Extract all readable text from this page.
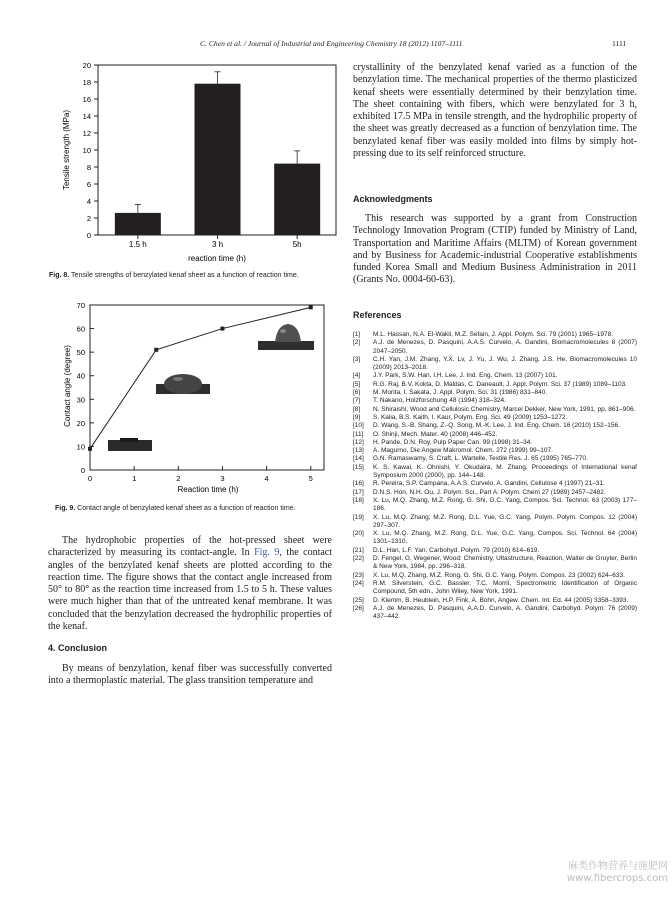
C. Chen et al. / Journal of Industrial and Engineering Chemistry 18 (2012) 1107–1111	1111
0
2
4
6
8
10
12
14
16
18
20
1.5 h	3 h	5h
Tensile strength (MPa)
reaction time (h)
Fig. 8. Tensile strengths of benzylated kenaf sheet as a function of reaction time.
0
10
20
30
40
50
60
70
0	1	2	3	4	5
Contact angle (degree)
Reaction time (h)
Fig. 9. Contact angle of benzylated kenaf sheet as a function of reaction time.

The hydrophobic properties of the hot-pressed sheet were characterized by measuring its contact-angle. In Fig. 9, the contact angles of the benzylated kenaf sheets are plotted according to the reaction time. The figure shows that the contact angle increased from 50° to 80° as the reaction time increased from 1.5 to 5 h. These values were much higher than that of the untreated kenaf membrane. It was concluded that the benzylation decreased the hydrophilic properties of the kenaf.

4. Conclusion

By means of benzylation, kenaf fiber was successfully converted into a thermoplastic material. The glass transition temperature and

crystallinity of the benzylated kenaf varied as a function of the benzylation time. The mechanical properties of the thermo plasticized kenaf sheets were essentially determined by their benzylation time. The sheet containing with fibers, which were benzylated for 3 h, exhibited 17.5 MPa in tensile strength, and the hydrophilic property of the sheet was greatly decreased as a function of benzylation time. The benzylated kenaf fiber was easily molded into films by simply hot-pressing due to its self reinforced structure.

Acknowledgments

This research was supported by a grant from Construction Technology Innovation Program (CTIP) funded by Ministry of Land, Transportation and Maritime Affairs (MLTM) of Korean government and by Business for Academic-industrial Cooperative establishments funded Korea Small and Medium Business Administration in 2011 (Grants No. 0004-60-63).

References
[1]	M.L. Hassan, N.A. El-Wakil, M.Z. Sefain, J. Appl. Polym. Sci. 79 (2001) 1965–1978.
[2]	A.J. de Menezes, D. Pasquini, A.A.S. Curvelo, A. Gandini, Biomacromolecules 8 (2007) 2047–2050.
[3]	C.H. Yan, J.M. Zhang, Y.X. Lv, J. Yu, J. Wu, J. Zhang, J.S. He, Biomacromolecules 10 (2009) 2013–2018.
[4]	J.Y. Park, S.W. Han, I.H. Lee, J. Ind. Eng. Chem. 13 (2007) 101.
[5]	R.G. Raj, B.V. Kokta, D. Maldas, C. Daneault, J. Appl. Polym. Sci. 37 (1989) 1089–1103.
[6]	M. Morita, I. Sakata, J. Appl. Polym. Sci. 31 (1986) 831–840.
[7]	T. Nakano, Holzforschung 48 (1994) 318–324.
[8]	N. Shiraishi, Wood and Cellulosic Chemistry, Marcel Dekker, New York, 1991, pp. 861–906.
[9]	S. Kalia, B.S. Kaith, I. Kaur, Polym. Eng. Sci. 49 (2009) 1253–1272.
[10]	D. Wang, S.-B. Shang, Z.-Q. Song, M.-K. Lee, J. Ind. Eng. Chem. 16 (2010) 152–156.
[11]	O. Shinji, Mech. Mater. 40 (2008) 446–452.
[12]	H. Pande, D.N. Roy, Pulp Paper Can. 99 (1998) 31–34.
[13]	A. Magurno, Die Angew Makromol. Chem. 272 (1999) 99–107.
[14]	G.N. Ramaswamy, S. Craft, L. Wartelle, Textile Res. J. 65 (1995) 765–770.
[15]	K. S. Kawai, K. Ohnishi, Y. Okudaira, M. Zhang, Proceedings of International kenaf Symposium 2000 (2000), pp. 144–148.
[16]	R. Pereira, S.P. Campana, A.A.S. Curvelo, A. Gandini, Cellulose 4 (1997) 21–31.
[17]	D.N.S. Hon, N.H. Ou, J. Polym. Sci., Part A: Polym. Chem 27 (1989) 2457–2482.
[18]	X. Lu, M.Q. Zhang, M.Z. Rong, G. Shi, G.C. Yang, Compos. Sci. Technol. 63 (2003) 177–186.
[19]	X. Lu, M.Q. Zhang, M.Z. Rong, D.L. Yue, G.C. Yang, Polym. Polym. Compos. 12 (2004) 297–307.
[20]	X. Lu, M.Q. Zhang, M.Z. Rong, D.L. Yue, G.C. Yang, Compos. Sci. Technol. 64 (2004) 1301–1310.
[21]	D.L. Han, L.F. Yan, Carbohyd. Polym. 79 (2010) 614–619.
[22]	D. Fengel, G. Wegener, Wood: Chemistry, Ultastructure, Reaction, Walter de Gruyter, Berlin & New York, 1984, pp. 296–318.
[23]	X. Lu, M.Q. Zhang, M.Z. Rong, G. Shi, G.C. Yang, Polym. Compos. 23 (2002) 624–633.
[24]	R.M. Silverstein, G.C. Bassler, T.C. Morril, Spectrometric Identification of Organic Compound, 5th edn., John Wiley, New York, 1991.
[25]	D. Klemm, B. Heublein, H.P. Fink, A. Bohn, Angew. Chem. Int. Ed. 44 (2005) 3358–3393.
[26]	A.J. de Menezes, D. Pasquini, A.A.D. Curvelo, A. Gandini, Carbohyd. Polym. 76 (2009) 437–442.
麻类作物营养与施肥网
www.fibercrops.com
